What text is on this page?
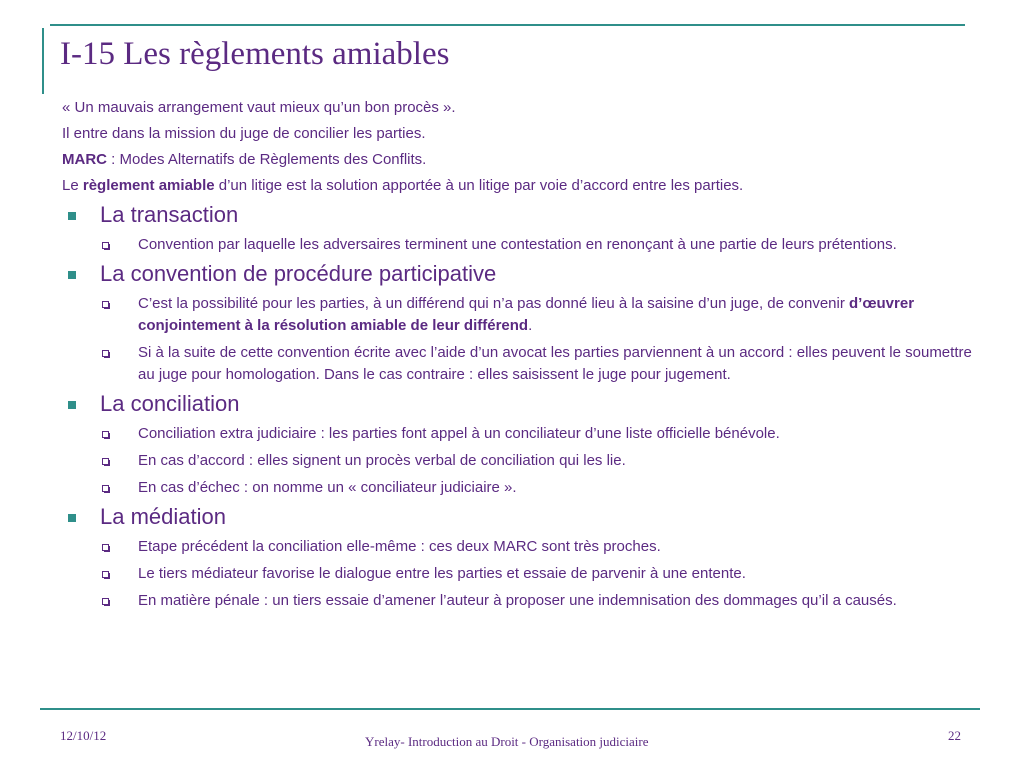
I-15 Les règlements amiables

« Un mauvais arrangement vaut mieux qu’un bon procès ».

Il entre dans la mission du juge de concilier les parties.

MARC : Modes Alternatifs de Règlements des Conflits.

Le règlement amiable d’un litige est la solution apportée à un litige par voie d’accord entre les parties.

La transaction
Convention par laquelle les adversaires terminent une contestation en renonçant à une partie de leurs prétentions.
La convention de procédure participative
C’est la possibilité pour les parties, à un différend qui n’a pas donné lieu à la saisine d’un juge, de convenir d’œuvrer conjointement à la résolution amiable de leur différend.
Si à la suite de cette convention écrite avec l’aide d’un avocat les parties parviennent à un accord : elles peuvent le soumettre au juge pour homologation. Dans le cas contraire : elles saisissent le juge pour jugement.
La conciliation
Conciliation extra judiciaire : les parties font appel à un conciliateur d’une liste officielle bénévole.
En cas d’accord : elles signent un procès verbal de conciliation qui les lie.
En cas d’échec : on nomme un « conciliateur judiciaire ».
La médiation
Etape précédent la conciliation elle-même : ces deux MARC sont très proches.
Le tiers médiateur favorise le dialogue entre les parties et essaie de parvenir à une entente.
En matière pénale : un tiers essaie d’amener l’auteur à proposer une indemnisation des dommages qu’il a causés.
12/10/12	Yrelay- Introduction au Droit - Organisation judiciaire	22
